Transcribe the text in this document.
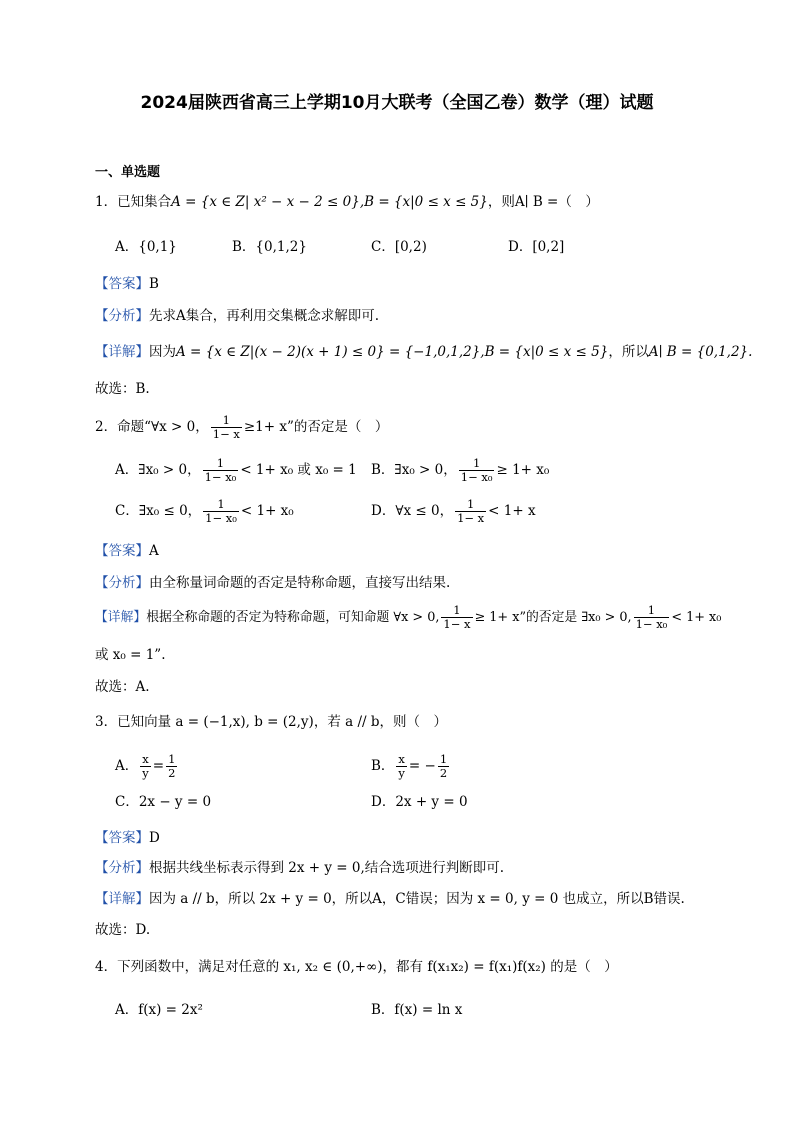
2024届陕西省高三上学期10月大联考（全国乙卷）数学（理）试题
一、单选题
1．已知集合A = {x ∈ Z| x² − x − 2 ≤ 0},B = {x|0 ≤ x ≤ 5}，则A∣ B =（　）
A．{0,1}	B．{0,1,2}	C．[0,2)	D．[0,2]
【答案】B
【分析】先求A集合，再利用交集概念求解即可.
【详解】因为A = {x ∈ Z|(x − 2)(x + 1) ≤ 0} = {−1,0,1,2},B = {x|0 ≤ x ≤ 5}，所以A∣ B = {0,1,2}.
故选：B.
2．命题“∀x > 0， $\frac{1}{1- x} \ge 1+ x$”的否定是（　）
A．∃x₀ > 0， $\frac{1}{\text{1− x₀}} < 1+ x_0$ 或 x₀ = 1 B．∃x₀ > 0， $\frac{1}{\text{1− x₀}} \ge 1+ x_0$
C．∃x₀ ≤ 0， $\frac{1}{\text{1− x₀}} < 1+ x_0$	D．∀x ≤ 0， $\frac{1}{1- x} < 1+ x$
【答案】A
【分析】由全称量词命题的否定是特称命题，直接写出结果.
【详解】根据全称命题的否定为特称命题，可知命题 ∀x > 0, $\frac{1}{1- x} \ge 1+ x$”的否定是 ∃x₀ > 0, $\frac{1}{\text{1− x₀}} < 1+ x_0$
或 x₀ = 1”.
故选：A.
3．已知向量 a = (−1,x), b = (2,y)，若 a // b，则（　）
A． $\frac{x}{y} = \frac{1}{2}$	B． $\frac{x}{y}$ = − $\frac{1}{2}$
C．2x − y = 0	D．2x + y = 0
【答案】D
【分析】根据共线坐标表示得到 2x + y = 0,结合选项进行判断即可.
【详解】因为 a // b，所以 2x + y = 0，所以A，C错误；因为 x = 0, y = 0 也成立，所以B错误.
故选：D.
4．下列函数中，满足对任意的 x₁, x₂ ∈ (0,+∞)，都有 f(x₁x₂) = f(x₁)f(x₂) 的是（　）
A．f(x) = 2x²	B．f(x) = ln x
